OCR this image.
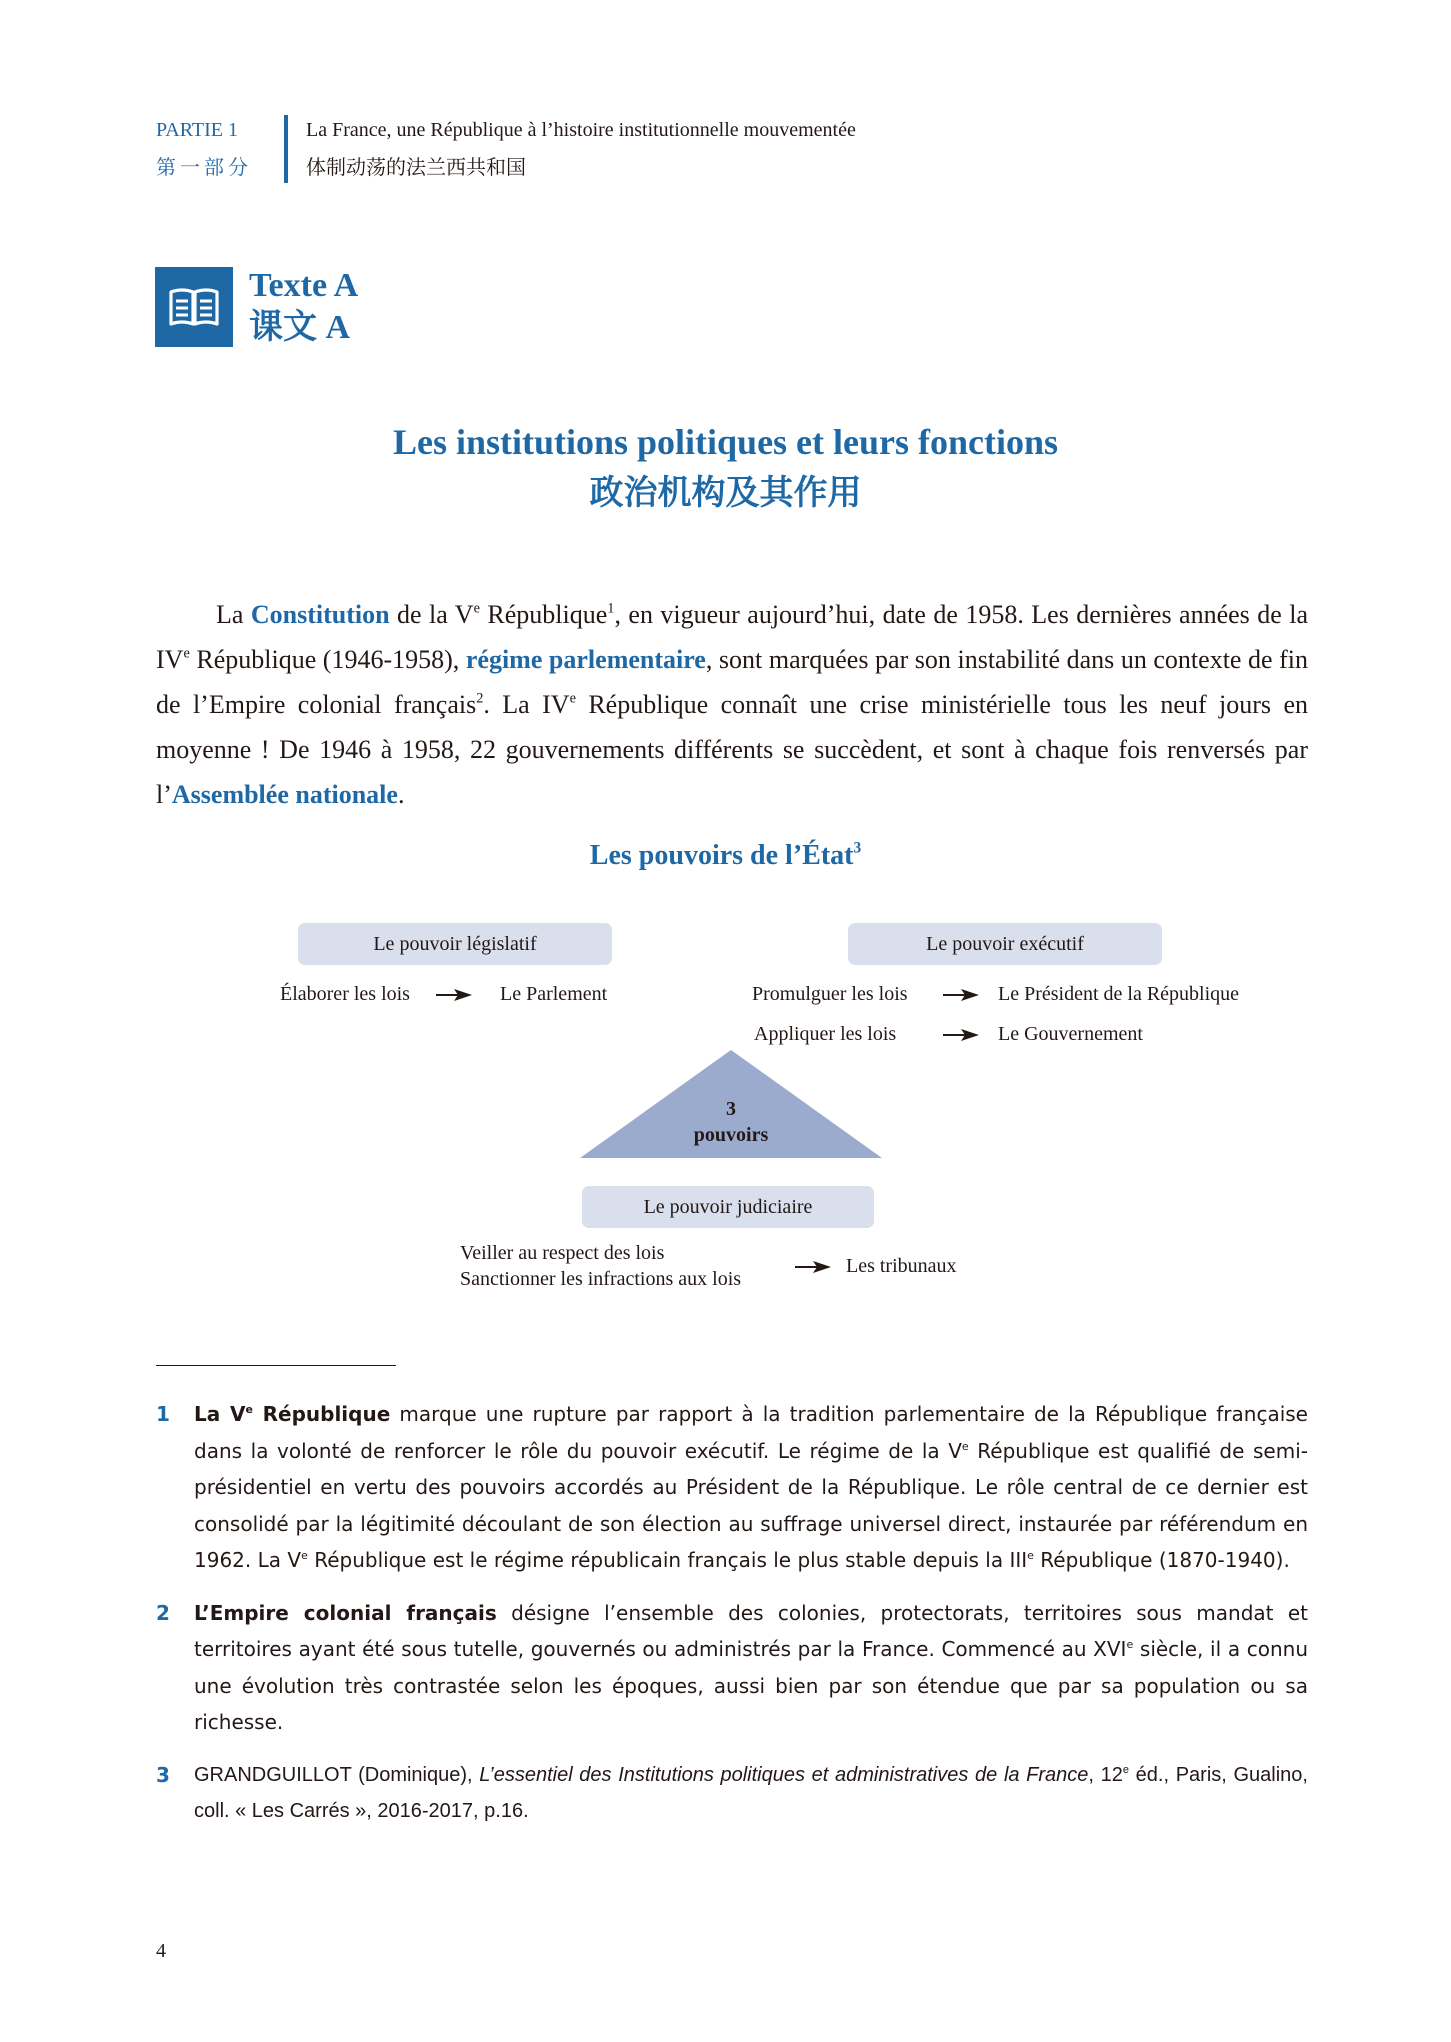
PARTIE 1
第一部分
La France, une République à l’histoire institutionnelle mouvementée
体制动荡的法兰西共和国
Texte A
课文 A
Les institutions politiques et leurs fonctions
政治机构及其作用

La Constitution de la Ve République$^1$, en vigueur aujourd’hui, date de 1958. Les dernières années de la IVe République (1946-1958), régime parlementaire, sont marquées par son instabilité dans un contexte de fin de l’Empire colonial français$^2$. La IVe République connaît une crise ministérielle tous les neuf jours en moyenne ! De 1946 à 1958, 22 gouvernements différents se succèdent, et sont à chaque fois renversés par l’Assemblée nationale.

Les pouvoirs de l’État$^3$
Le pouvoir législatif
Élaborer les lois	Le Parlement
Le pouvoir exécutif
Promulguer les lois	Le Président de la République
Appliquer les lois	Le Gouvernement
3
pouvoirs
Le pouvoir judiciaire
Veiller au respect des lois
Sanctionner les infractions aux lois
Les tribunaux
1	La Ve République marque une rupture par rapport à la tradition parlementaire de la République française dans la volonté de renforcer le rôle du pouvoir exécutif. Le régime de la Ve République est qualifié de semi-présidentiel en vertu des pouvoirs accordés au Président de la République. Le rôle central de ce dernier est consolidé par la légitimité découlant de son élection au suffrage universel direct, instaurée par référendum en 1962. La Ve République est le régime républicain français le plus stable depuis la IIIe République (1870-1940).
2	L’Empire colonial français désigne l’ensemble des colonies, protectorats, territoires sous mandat et territoires ayant été sous tutelle, gouvernés ou administrés par la France. Commencé au XVIe siècle, il a connu une évolution très contrastée selon les époques, aussi bien par son étendue que par sa population ou sa richesse.
3	GRANDGUILLOT (Dominique), L’essentiel des Institutions politiques et administratives de la France, 12e éd., Paris, Gualino, coll. « Les Carrés », 2016-2017, p.16.
4
